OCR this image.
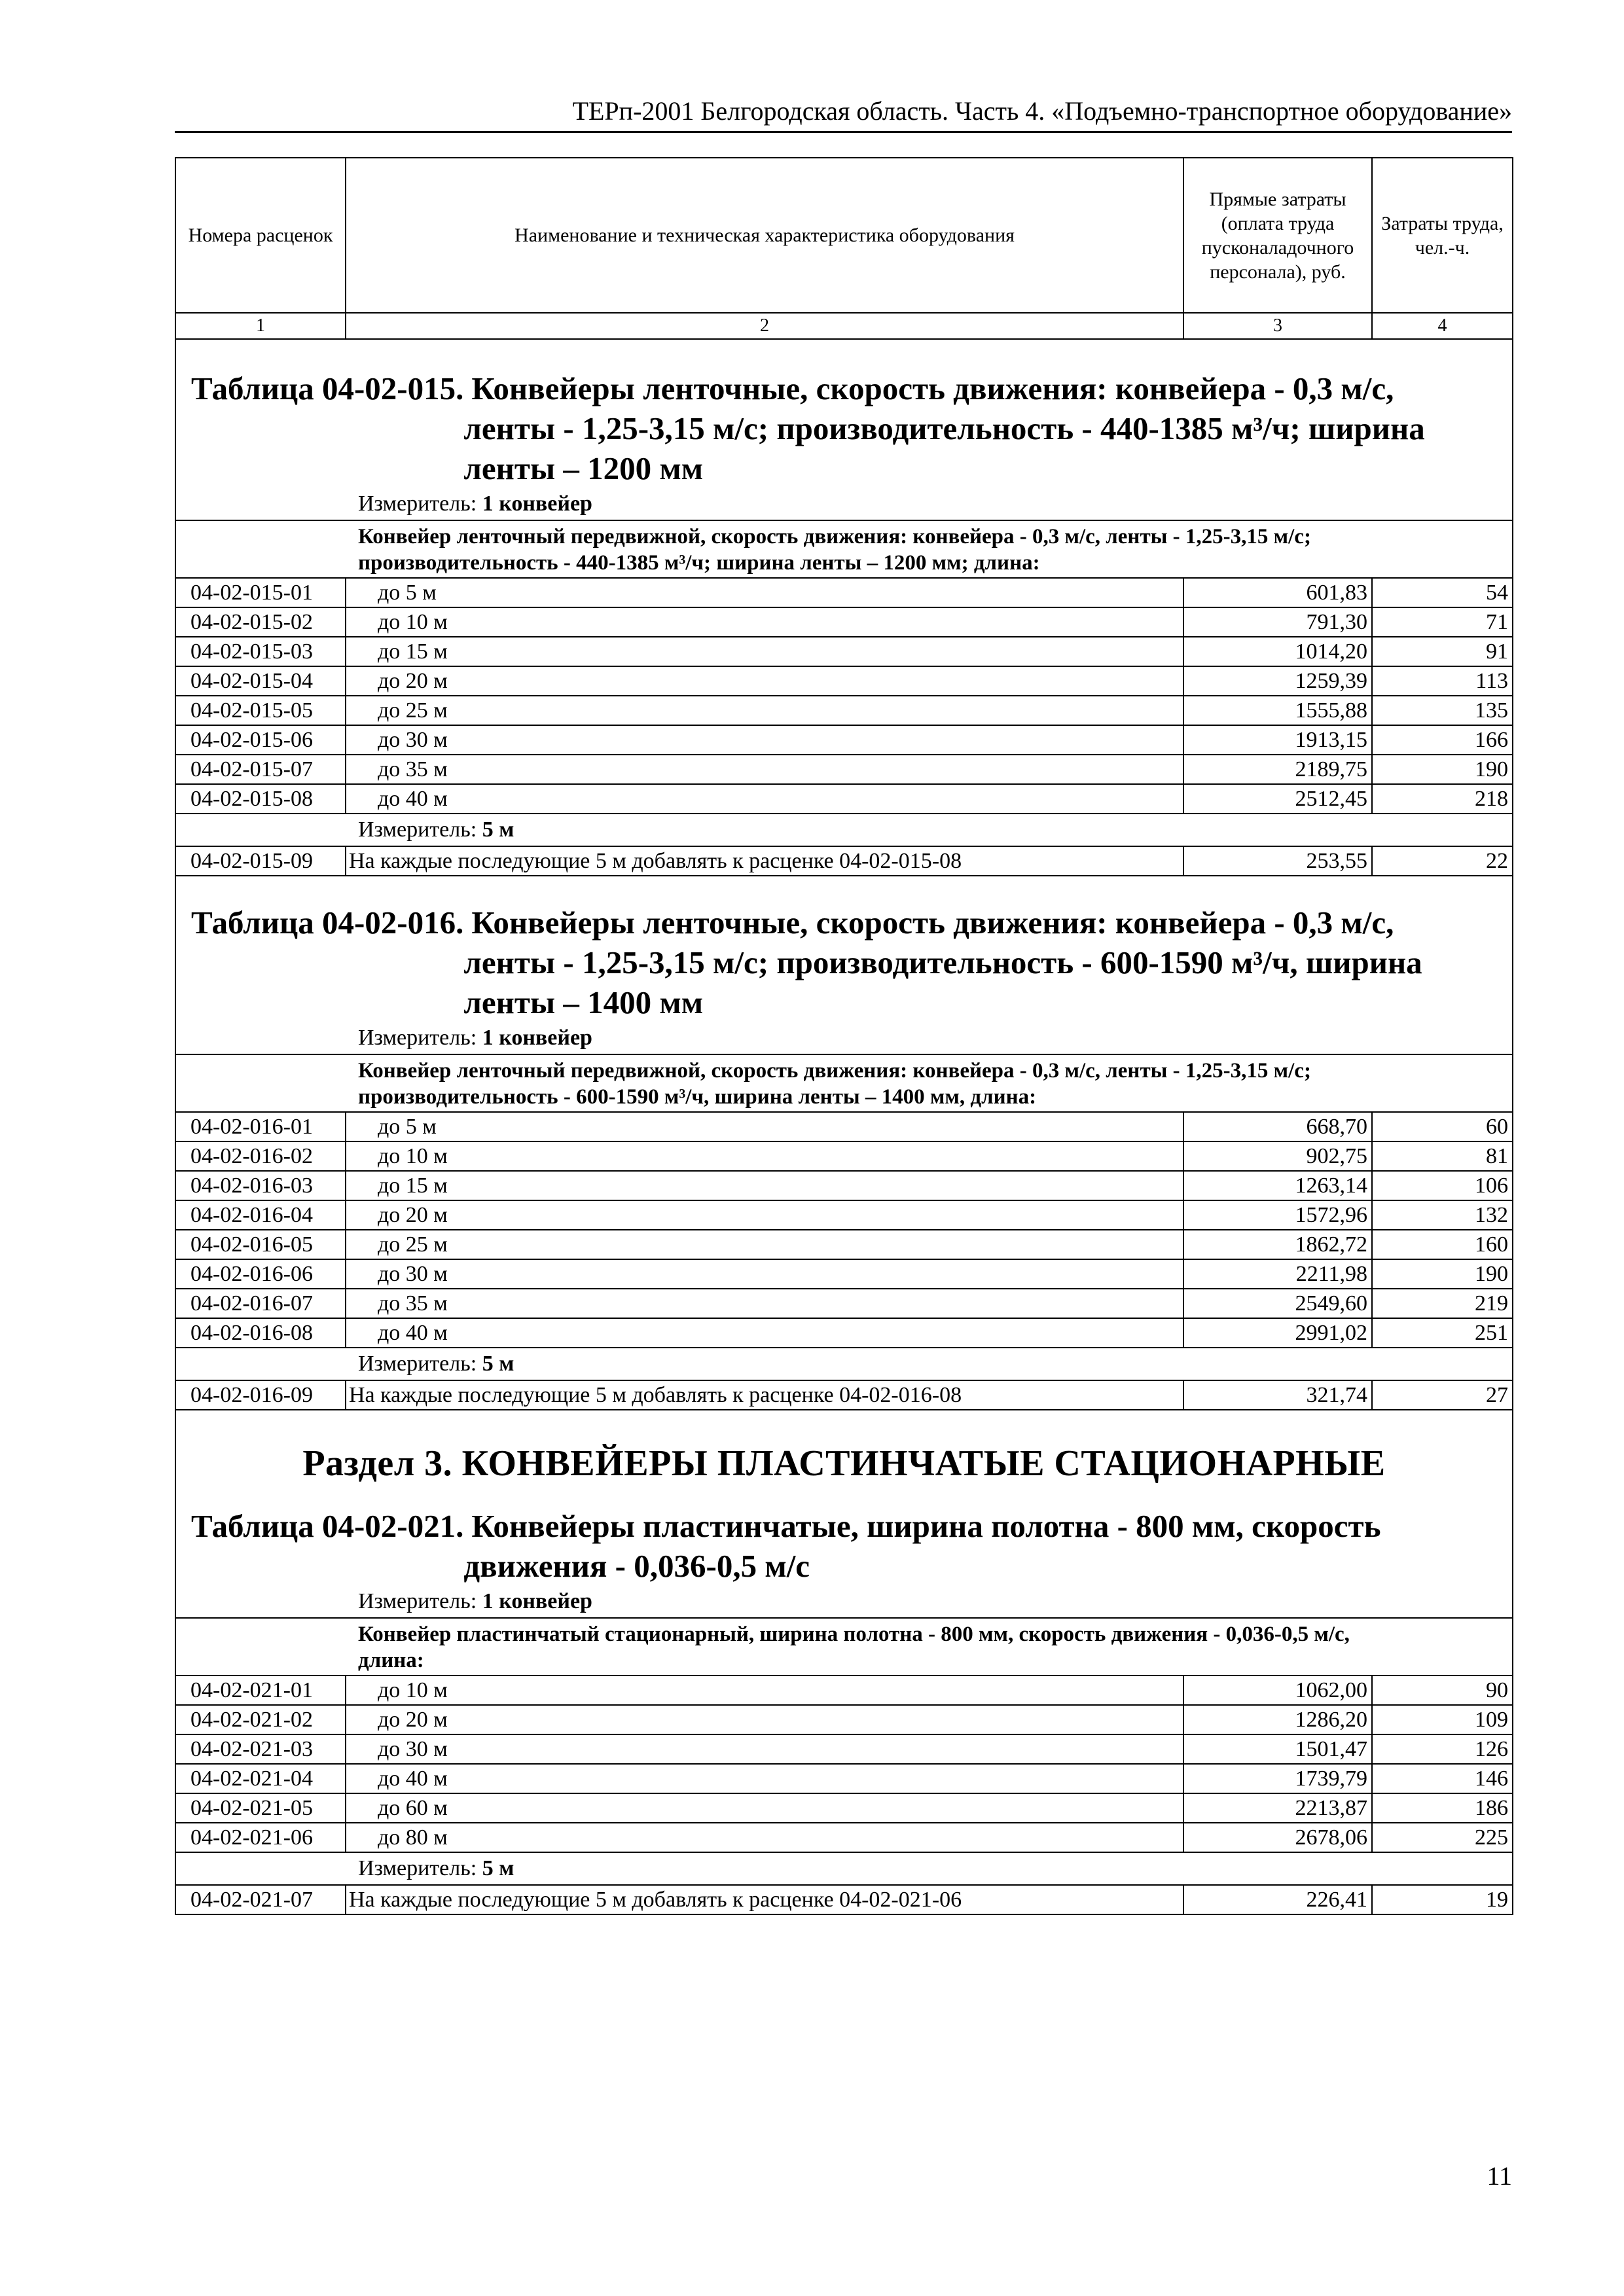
ТЕРп-2001 Белгородская область. Часть 4. «Подъемно-транспортное оборудование»
Номера расценок	Наименование и техническая характеристика оборудования	Прямые затраты (оплата труда пусконаладочного персонала), руб.	Затраты труда, чел.-ч.
1	2	3	4

Таблица 04-02-015. Конвейеры ленточные, скорость движения: конвейера - 0,3 м/с,
ленты - 1,25-3,15 м/с; производительность - 440-1385 м³/ч; ширина
ленты – 1200 мм			

Измеритель: 1 конвейер			

Конвейер ленточный передвижной, скорость движения: конвейера - 0,3 м/с, ленты - 1,25-3,15 м/с;
производительность - 440-1385 м³/ч; ширина ленты – 1200 мм; длина:			

04-02-015-01	до 5 м	601,83	54
04-02-015-02	до 10 м	791,30	71
04-02-015-03	до 15 м	1014,20	91
04-02-015-04	до 20 м	1259,39	113
04-02-015-05	до 25 м	1555,88	135
04-02-015-06	до 30 м	1913,15	166
04-02-015-07	до 35 м	2189,75	190
04-02-015-08	до 40 м	2512,45	218

Измеритель: 5 м			

04-02-015-09	На каждые последующие 5 м добавлять к расценке 04-02-015-08	253,55	22

Таблица 04-02-016. Конвейеры ленточные, скорость движения: конвейера - 0,3 м/с,
ленты - 1,25-3,15 м/с; производительность - 600-1590 м³/ч, ширина
ленты – 1400 мм			

Измеритель: 1 конвейер			

Конвейер ленточный передвижной, скорость движения: конвейера - 0,3 м/с, ленты - 1,25-3,15 м/с;
производительность - 600-1590 м³/ч, ширина ленты – 1400 мм, длина:			

04-02-016-01	до 5 м	668,70	60
04-02-016-02	до 10 м	902,75	81
04-02-016-03	до 15 м	1263,14	106
04-02-016-04	до 20 м	1572,96	132
04-02-016-05	до 25 м	1862,72	160
04-02-016-06	до 30 м	2211,98	190
04-02-016-07	до 35 м	2549,60	219
04-02-016-08	до 40 м	2991,02	251

Измеритель: 5 м			

04-02-016-09	На каждые последующие 5 м добавлять к расценке 04-02-016-08	321,74	27

Раздел 3. КОНВЕЙЕРЫ ПЛАСТИНЧАТЫЕ СТАЦИОНАРНЫЕ
Таблица 04-02-021. Конвейеры пластинчатые, ширина полотна - 800 мм, скорость
движения - 0,036-0,5 м/с			

Измеритель: 1 конвейер			

Конвейер пластинчатый стационарный, ширина полотна - 800 мм, скорость движения - 0,036-0,5 м/с,
длина:			

04-02-021-01	до 10 м	1062,00	90
04-02-021-02	до 20 м	1286,20	109
04-02-021-03	до 30 м	1501,47	126
04-02-021-04	до 40 м	1739,79	146
04-02-021-05	до 60 м	2213,87	186
04-02-021-06	до 80 м	2678,06	225

Измеритель: 5 м			

04-02-021-07	На каждые последующие 5 м добавлять к расценке 04-02-021-06	226,41	19
11
